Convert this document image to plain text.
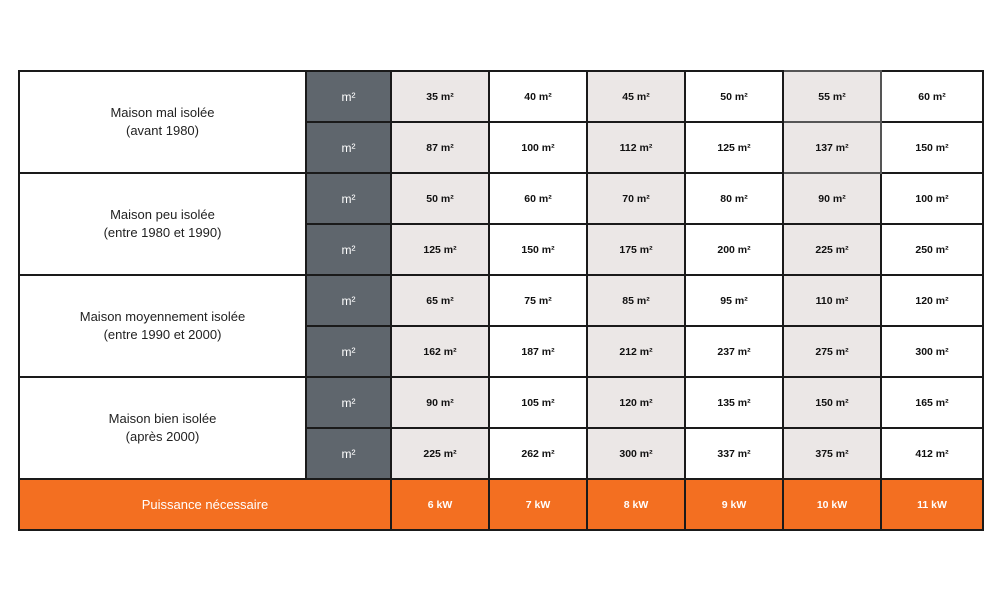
Maison mal isolée
(avant 1980)	m²	35 m²	40 m²	45 m²	50 m²	55 m²	60 m²
	m²	87 m²	100 m²	112 m²	125 m²	137 m²	150 m²

Maison peu isolée
(entre 1980 et 1990)	m²	50 m²	60 m²	70 m²	80 m²	90 m²	100 m²
	m²	125 m²	150 m²	175 m²	200 m²	225 m²	250 m²

Maison moyennement isolée
(entre 1990 et 2000)	m²	65 m²	75 m²	85 m²	95 m²	110 m²	120 m²
	m²	162 m²	187 m²	212 m²	237 m²	275 m²	300 m²

Maison bien isolée
(après 2000)	m²	90 m²	105 m²	120 m²	135 m²	150 m²	165 m²
	m²	225 m²	262 m²	300 m²	337 m²	375 m²	412 m²
Puissance nécessaire		6 kW	7 kW	8 kW	9 kW	10 kW	11 kW
